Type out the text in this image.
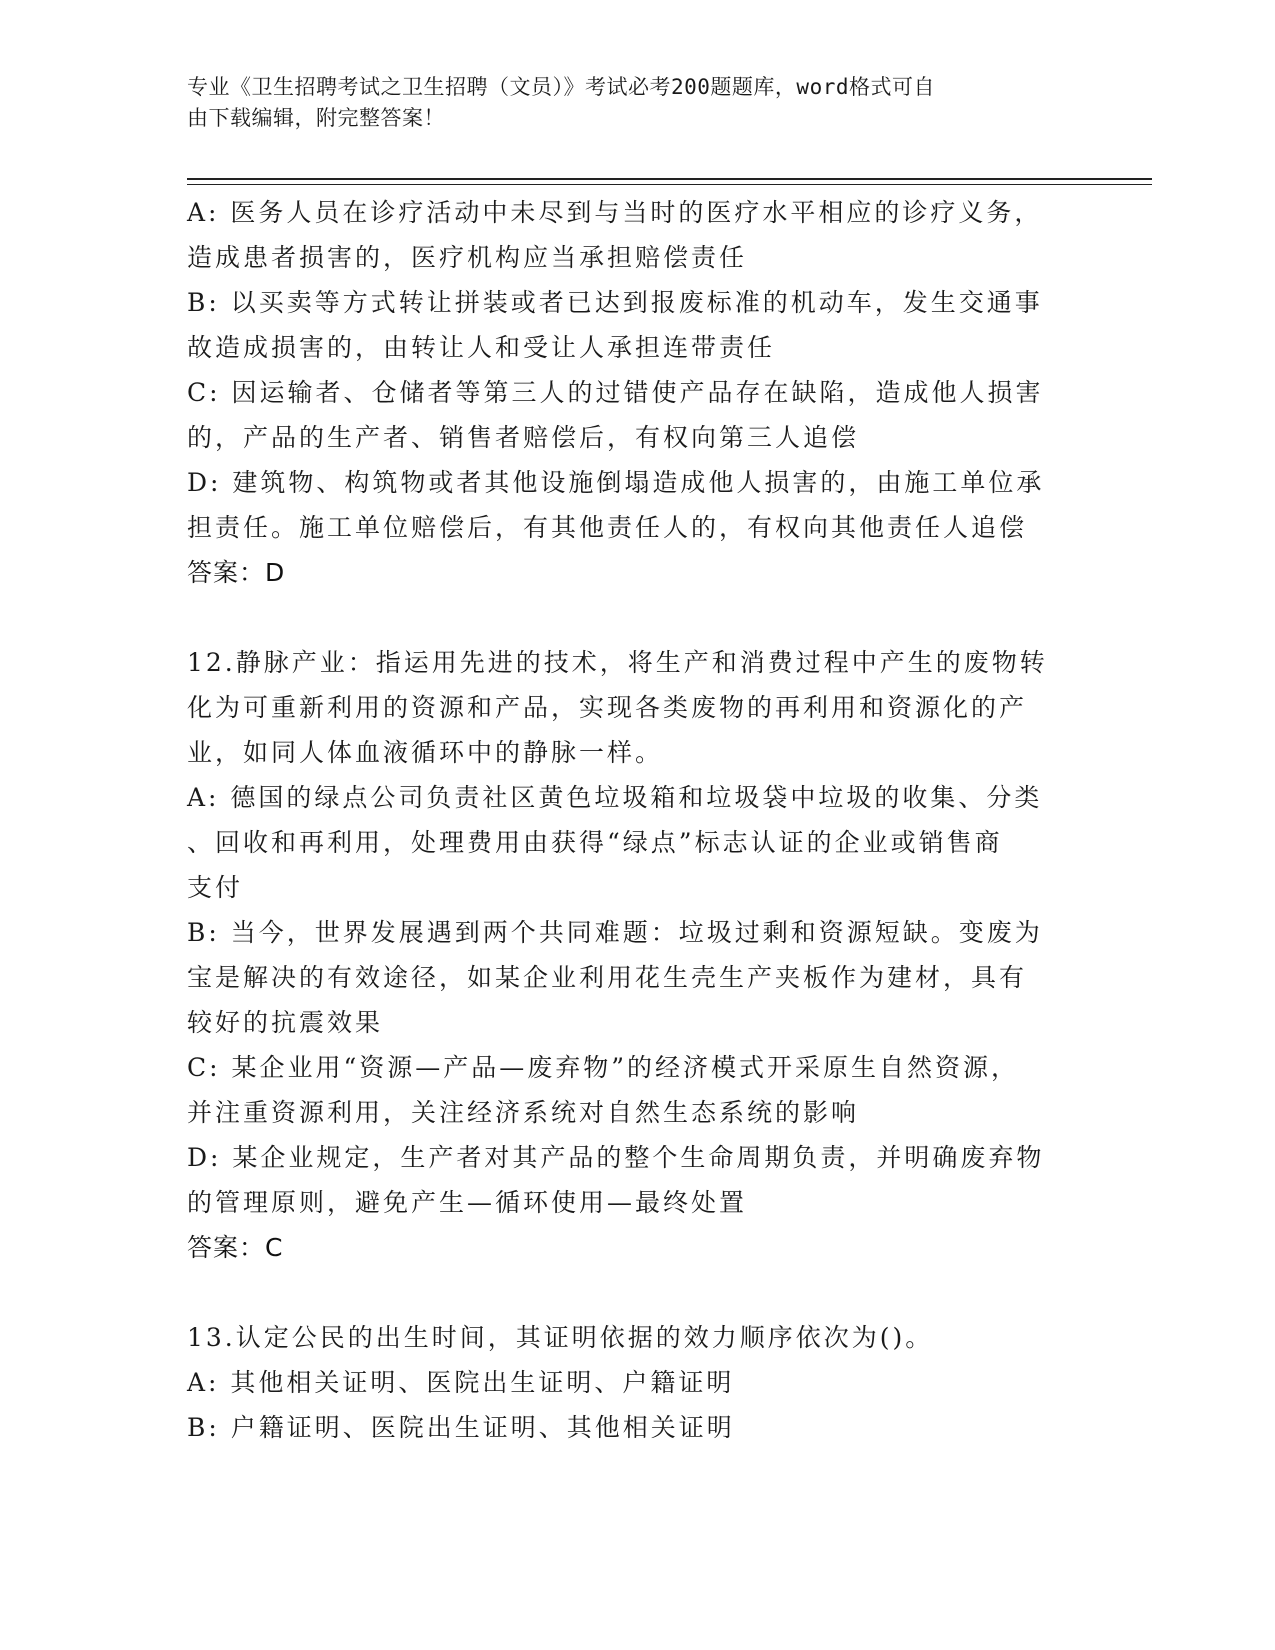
专业《卫生招聘考试之卫生招聘（文员）》考试必考200题题库，word格式可自
由下载编辑，附完整答案！
A: 医务人员在诊疗活动中未尽到与当时的医疗水平相应的诊疗义务，
造成患者损害的，医疗机构应当承担赔偿责任
B: 以买卖等方式转让拼装或者已达到报废标准的机动车，发生交通事
故造成损害的，由转让人和受让人承担连带责任
C: 因运输者、仓储者等第三人的过错使产品存在缺陷，造成他人损害
的，产品的生产者、销售者赔偿后，有权向第三人追偿
D: 建筑物、构筑物或者其他设施倒塌造成他人损害的，由施工单位承
担责任。施工单位赔偿后，有其他责任人的，有权向其他责任人追偿
答案：D
12.静脉产业：指运用先进的技术，将生产和消费过程中产生的废物转
化为可重新利用的资源和产品，实现各类废物的再利用和资源化的产
业，如同人体血液循环中的静脉一样。
A: 德国的绿点公司负责社区黄色垃圾箱和垃圾袋中垃圾的收集、分类
、回收和再利用，处理费用由获得“绿点”标志认证的企业或销售商
支付
B: 当今，世界发展遇到两个共同难题：垃圾过剩和资源短缺。变废为
宝是解决的有效途径，如某企业利用花生壳生产夹板作为建材，具有
较好的抗震效果
C: 某企业用“资源—产品—废弃物”的经济模式开采原生自然资源，
并注重资源利用，关注经济系统对自然生态系统的影响
D: 某企业规定，生产者对其产品的整个生命周期负责，并明确废弃物
的管理原则，避免产生—循环使用—最终处置
答案：C
13.认定公民的出生时间，其证明依据的效力顺序依次为()。
A: 其他相关证明、医院出生证明、户籍证明
B: 户籍证明、医院出生证明、其他相关证明
